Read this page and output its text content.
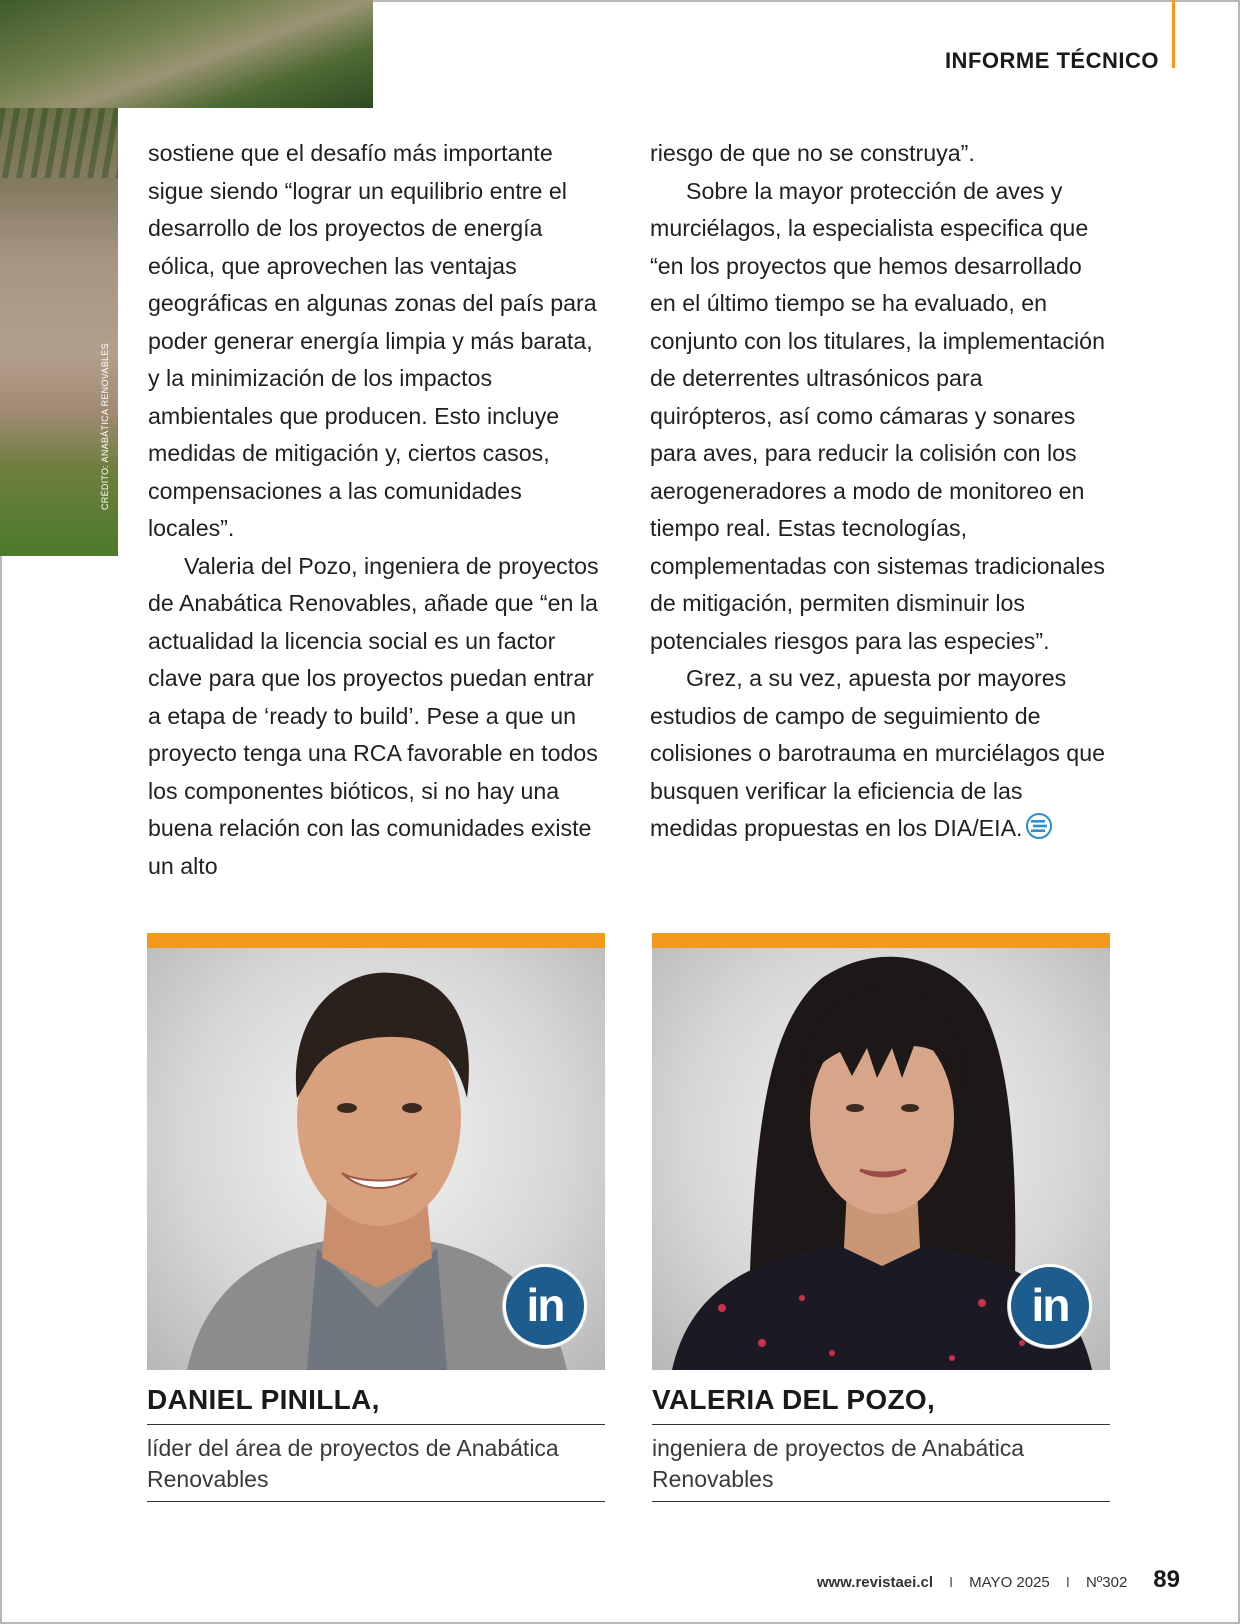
CRÉDITO: ANABÁTICA RENOVABLES
INFORME TÉCNICO

sostiene que el desafío más importante sigue siendo “lograr un equilibrio entre el desarrollo de los proyectos de energía eólica, que aprovechen las ventajas geográficas en algunas zonas del país para poder generar energía limpia y más barata, y la minimización de los impactos ambientales que producen. Esto incluye medidas de mitigación y, ciertos casos, compensaciones a las comunidades locales”.

Valeria del Pozo, ingeniera de proyectos de Anabática Renovables, añade que “en la actualidad la licencia social es un factor clave para que los proyectos puedan entrar a etapa de ‘ready to build’. Pese a que un proyecto tenga una RCA favorable en todos los componentes bióticos, si no hay una buena relación con las comunidades existe un alto

riesgo de que no se construya”.

Sobre la mayor protección de aves y murciélagos, la especialista especifica que “en los proyectos que hemos desarrollado en el último tiempo se ha evaluado, en conjunto con los titulares, la implementación de deterrentes ultrasónicos para quirópteros, así como cámaras y sonares para aves, para reducir la colisión con los aerogeneradores a modo de monitoreo en tiempo real. Estas tecnologías, complementadas con sistemas tradicionales de mitigación, permiten disminuir los potenciales riesgos para las especies”.

Grez, a su vez, apuesta por mayores estudios de campo de seguimiento de colisiones o barotrauma en murciélagos que busquen verificar la eficiencia de las medidas propuestas en los DIA/EIA.

in
DANIEL PINILLA,
líder del área de proyectos de Anabática Renovables
in
VALERIA DEL POZO,
ingeniera de proyectos de Anabática Renovables
www.revistaei.cl I MAYO 2025 I Nº302 89
